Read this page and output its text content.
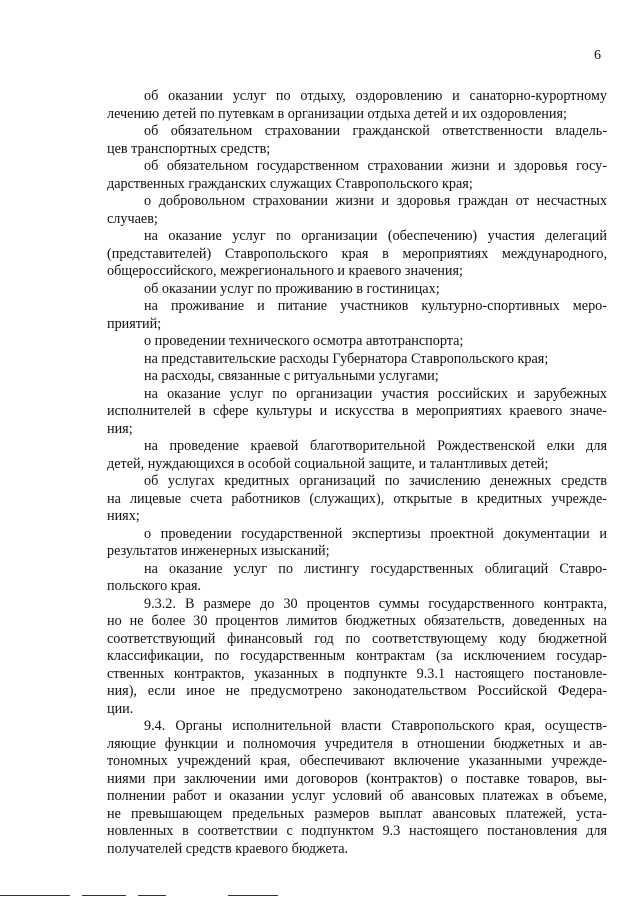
6
об оказании услуг по отдыху, оздоровлению и санаторно-курортному
лечению детей по путевкам в организации отдыха детей и их оздоровления;
об обязательном страховании гражданской ответственности владель-
цев транспортных средств;
об обязательном государственном страховании жизни и здоровья госу-
дарственных гражданских служащих Ставропольского края;
о добровольном страховании жизни и здоровья граждан от несчастных
случаев;
на оказание услуг по организации (обеспечению) участия делегаций
(представителей) Ставропольского края в мероприятиях международного,
общероссийского, межрегионального и краевого значения;
об оказании услуг по проживанию в гостиницах;
на проживание и питание участников культурно-спортивных меро-
приятий;
о проведении технического осмотра автотранспорта;
на представительские расходы Губернатора Ставропольского края;
на расходы, связанные с ритуальными услугами;
на оказание услуг по организации участия российских и зарубежных
исполнителей в сфере культуры и искусства в мероприятиях краевого значе-
ния;
на проведение краевой благотворительной Рождественской елки для
детей, нуждающихся в особой социальной защите, и талантливых детей;
об услугах кредитных организаций по зачислению денежных средств
на лицевые счета работников (служащих), открытые в кредитных учрежде-
ниях;
о проведении государственной экспертизы проектной документации и
результатов инженерных изысканий;
на оказание услуг по листингу государственных облигаций Ставро-
польского края.
9.3.2. В размере до 30 процентов суммы государственного контракта,
но не более 30 процентов лимитов бюджетных обязательств, доведенных на
соответствующий финансовый год по соответствующему коду бюджетной
классификации, по государственным контрактам (за исключением государ-
ственных контрактов, указанных в подпункте 9.3.1 настоящего постановле-
ния), если иное не предусмотрено законодательством Российской Федера-
ции.
9.4. Органы исполнительной власти Ставропольского края, осуществ-
ляющие функции и полномочия учредителя в отношении бюджетных и ав-
тономных учреждений края, обеспечивают включение указанными учрежде-
ниями при заключении ими договоров (контрактов) о поставке товаров, вы-
полнении работ и оказании услуг условий об авансовых платежах в объеме,
не превышающем предельных размеров выплат авансовых платежей, уста-
новленных в соответствии с подпунктом 9.3 настоящего постановления для
получателей средств краевого бюджета.
